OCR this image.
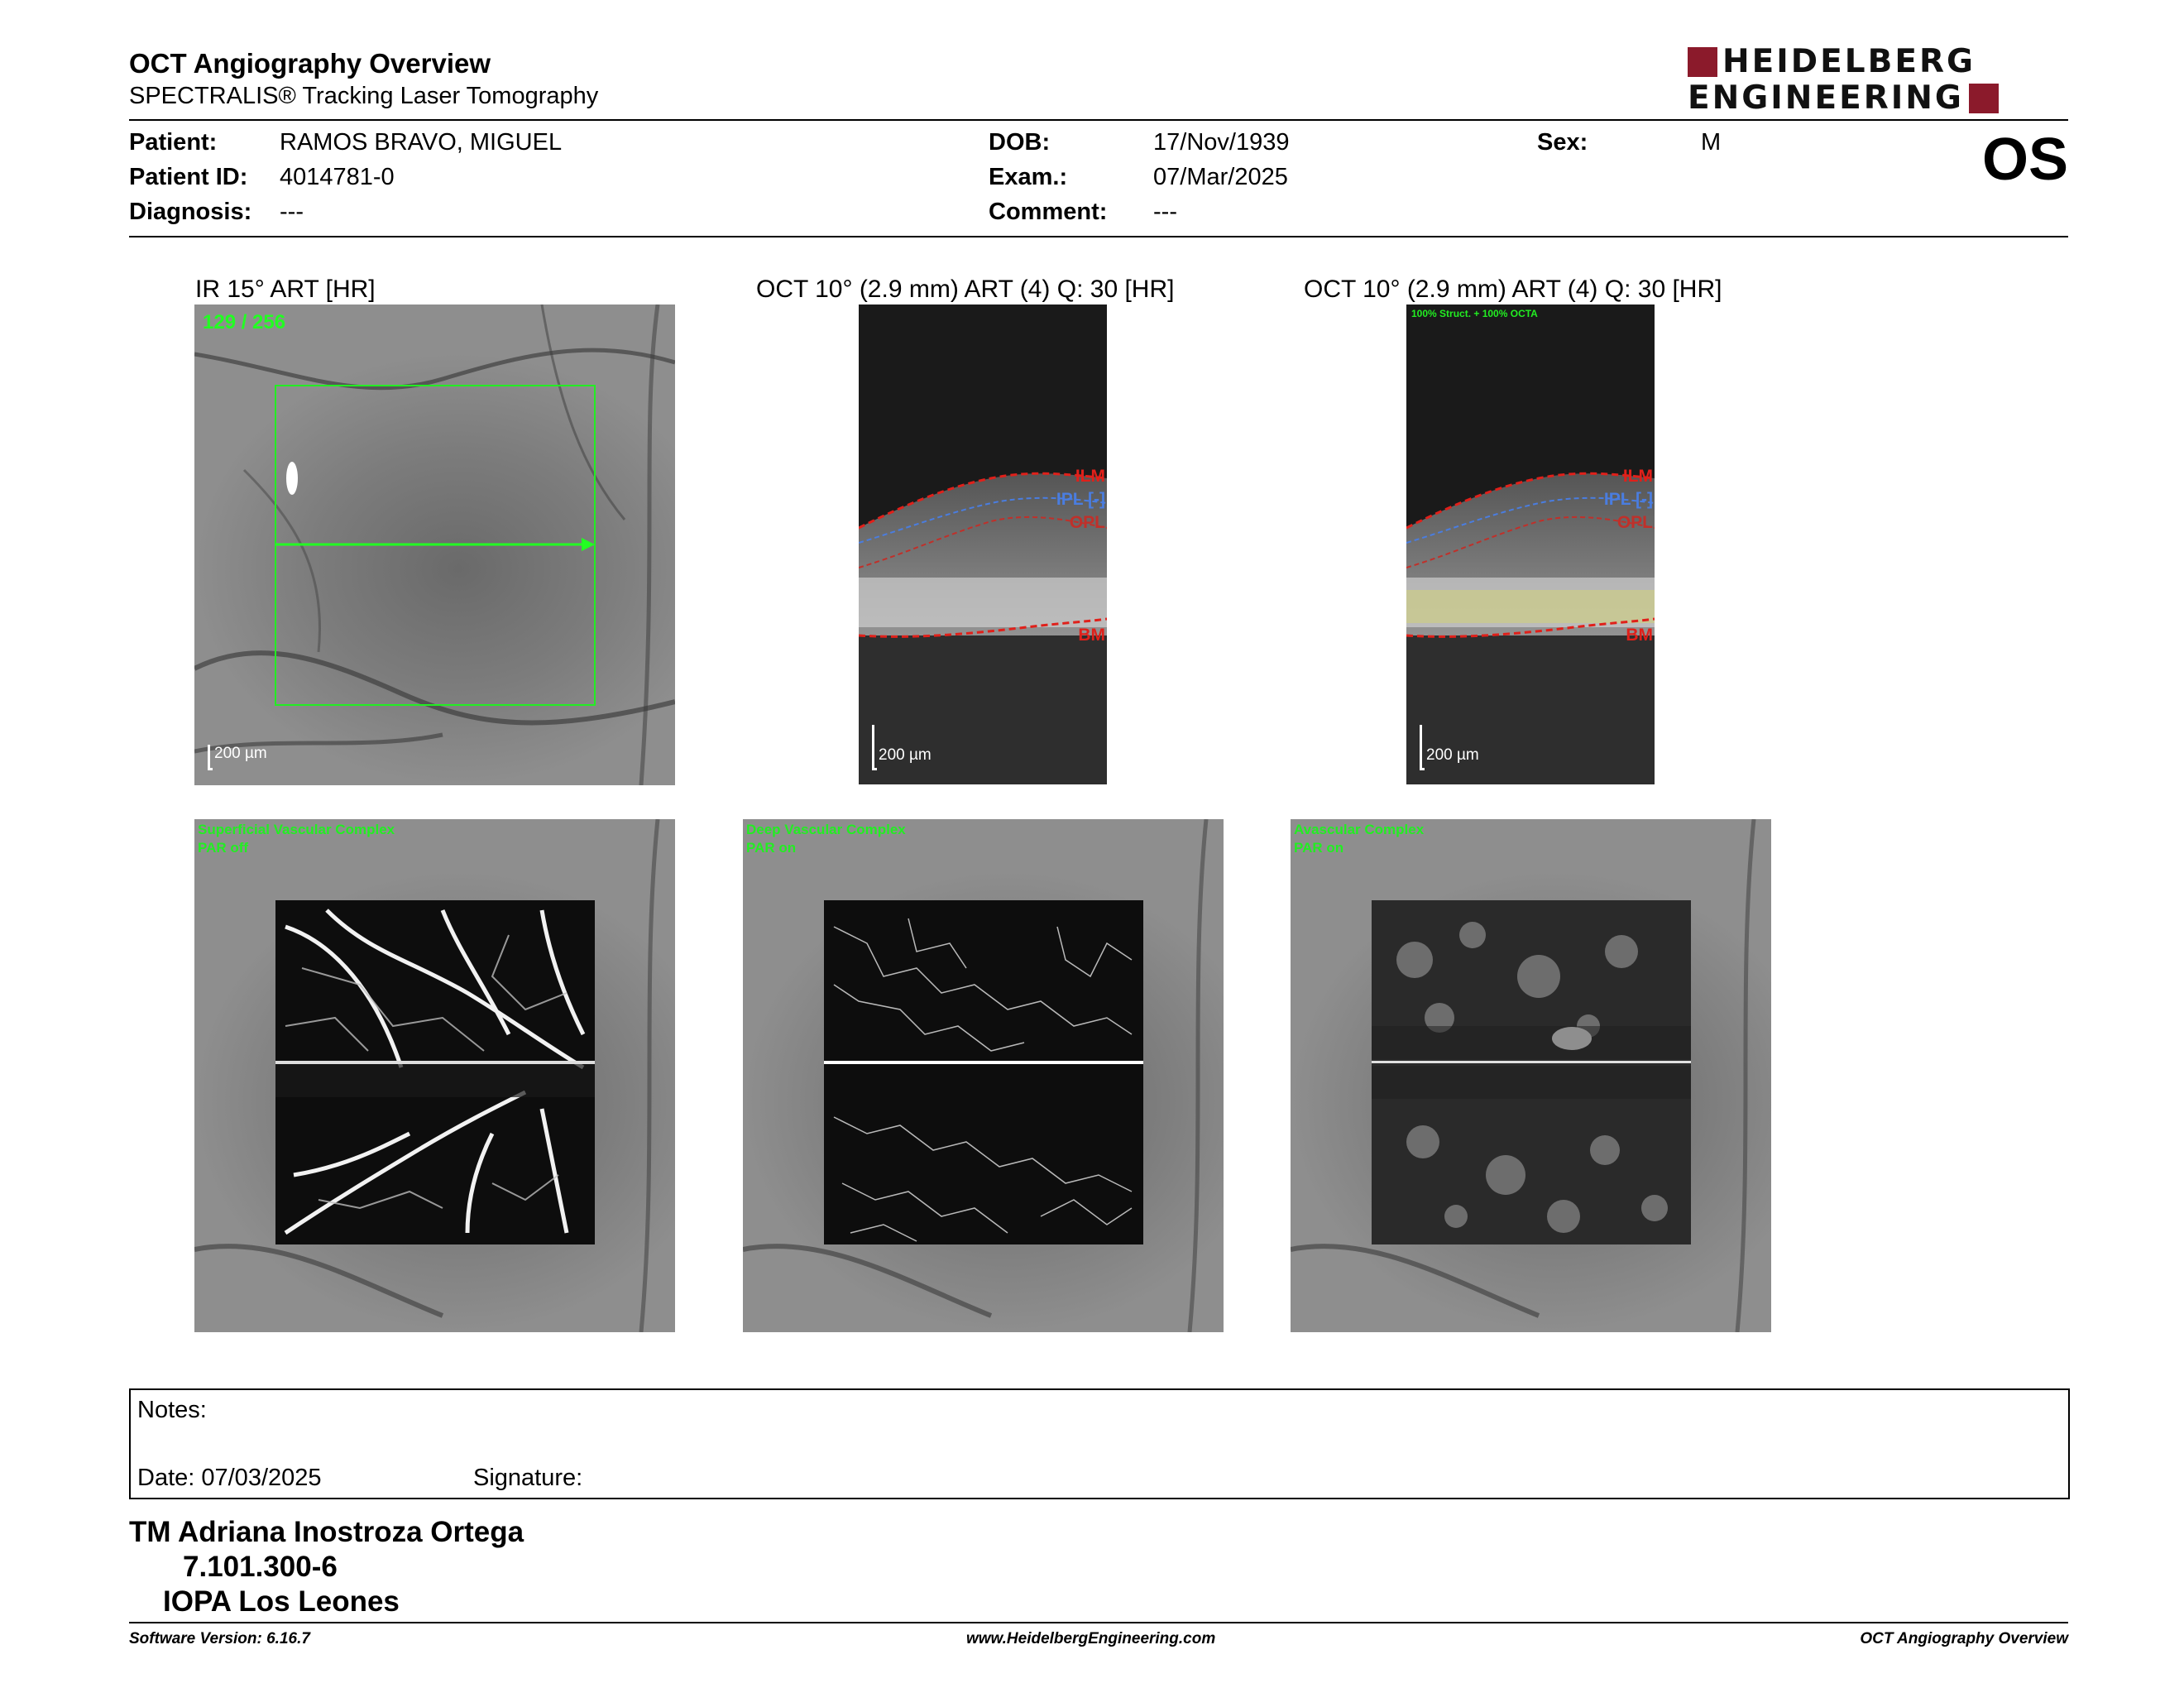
OCT Angiography Overview
SPECTRALIS® Tracking Laser Tomography
HEIDELBERG
ENGINEERING
Patient:	RAMOS BRAVO, MIGUEL
Patient ID: 4014781-0
Diagnosis: ---
DOB:	17/Nov/1939
Exam.:	07/Mar/2025
Comment: ---
Sex:	M	OS
IR 15° ART [HR]	OCT 10° (2.9 mm) ART (4) Q: 30 [HR]	OCT 10° (2.9 mm) ART (4) Q: 30 [HR]
129 / 256
200 µm
ILM
IPL [-]
OPL
BM
200 µm
100% Struct. + 100% OCTA
ILM
IPL [-]
OPL
BM
200 µm
Superficial Vascular Complex
PAR off
Deep Vascular Complex
PAR on
Avascular Complex
PAR on
Notes:
Date: 07/03/2025	Signature:
TM Adriana Inostroza Ortega
7.101.300-6
IOPA Los Leones
Software Version: 6.16.7	www.HeidelbergEngineering.com	OCT Angiography Overview
